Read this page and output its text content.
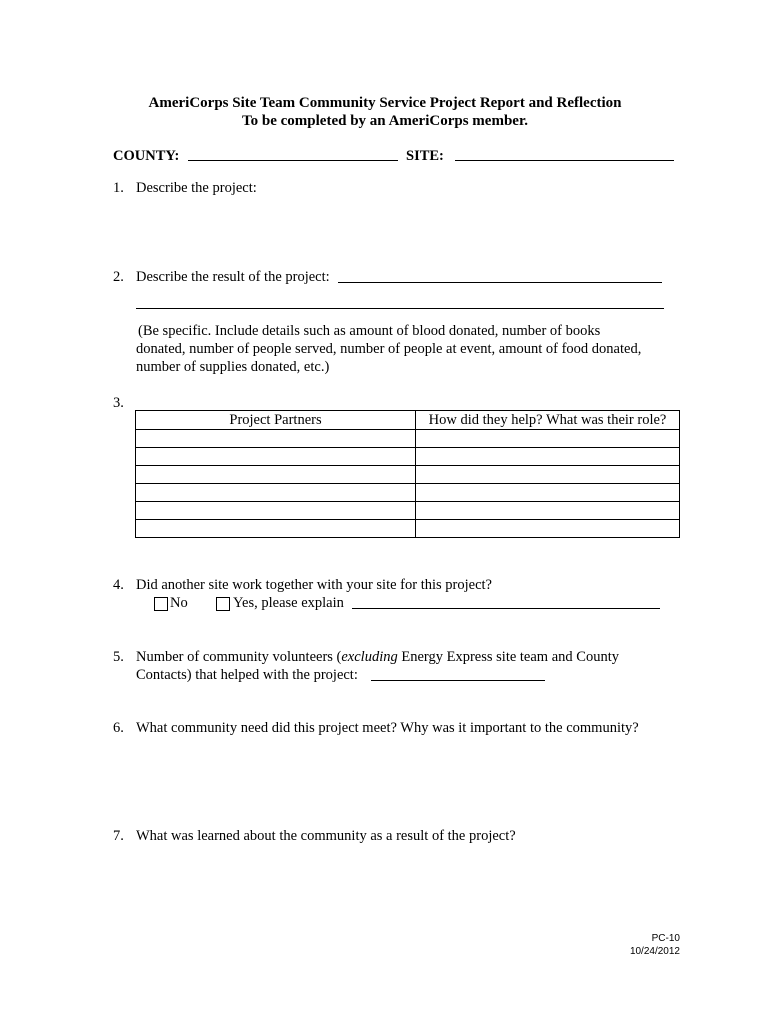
AmeriCorps Site Team Community Service Project Report and Reflection
To be completed by an AmeriCorps member.
COUNTY:	SITE:
1. Describe the project:
2. Describe the result of the project:
(Be specific. Include details such as amount of blood donated, number of books
donated, number of people served, number of people at event, amount of food donated,
number of supplies donated, etc.)
3.
Project Partners	How did they help? What was their role?

4. Did another site work together with your site for this project?
No	Yes, please explain
5. Number of community volunteers (excluding Energy Express site team and County
Contacts) that helped with the project:
6. What community need did this project meet? Why was it important to the community?
7. What was learned about the community as a result of the project?
PC-10
10/24/2012
